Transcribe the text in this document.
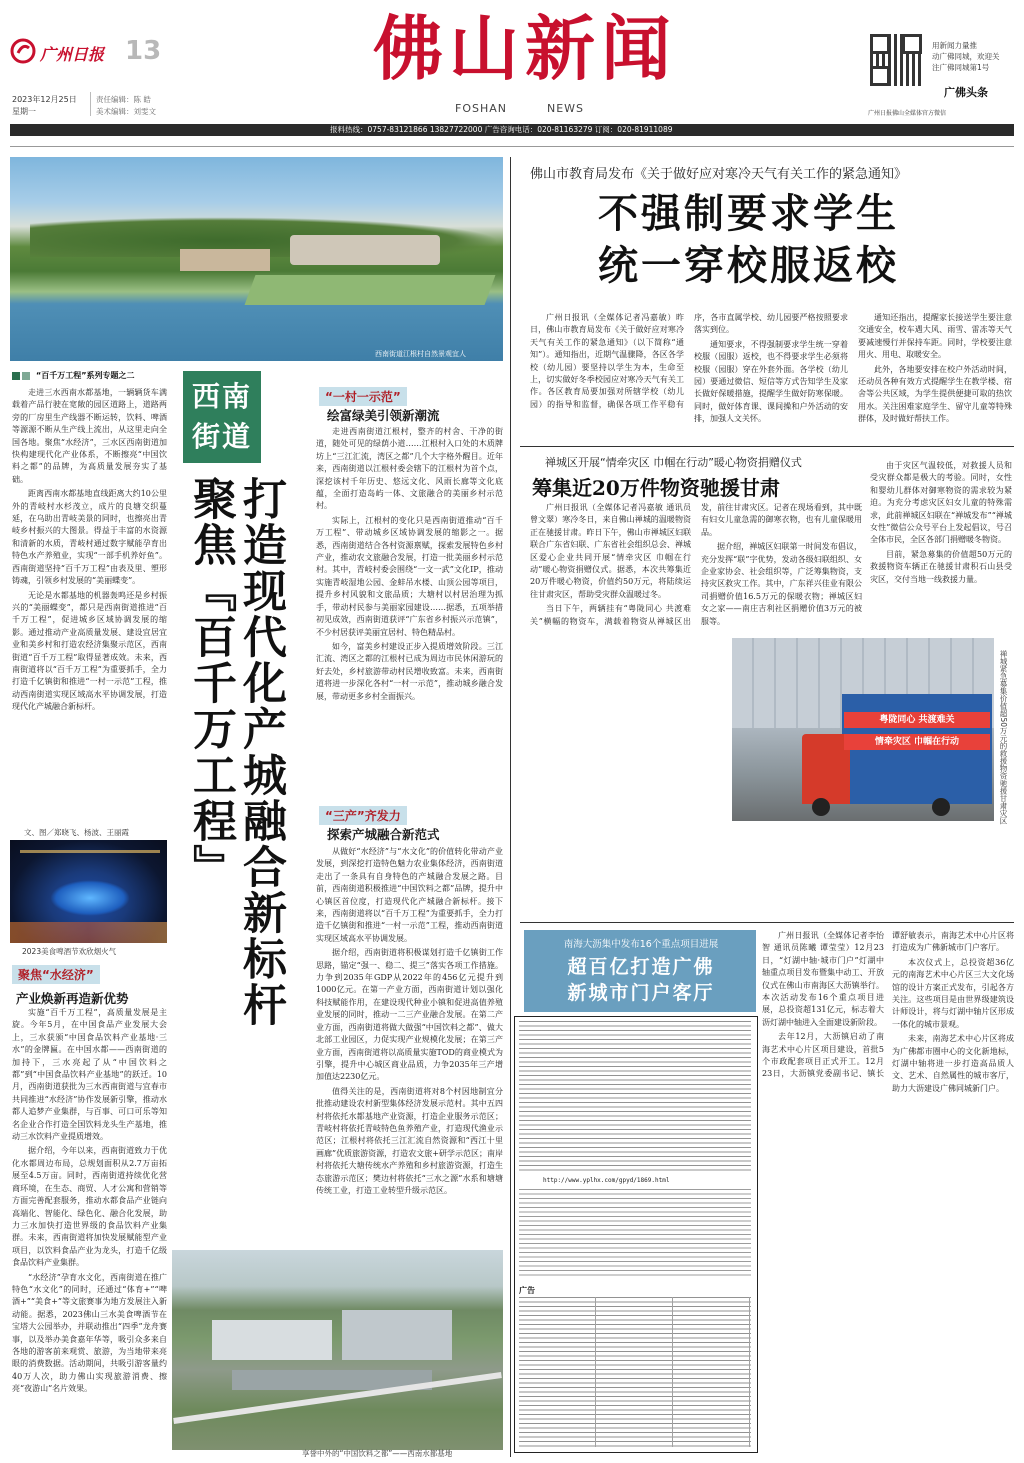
广州日报 13
2023年12月25日
星期一
责任编辑：陈 皓
美术编辑：刘雯文
佛山新闻
FOSHAN	NEWS
用新闻力量推
动广佛同城，欢迎关
注广佛同城第1号
广佛头条
广州日报佛山全媒体官方微信
报料热线：0757-83121866 13827722000 广告咨询电话：020-81163279 订阅：020-81911089
西南街道江根村自然景观宜人
“百千万工程”系列专题之二

走进三水西南水都基地，一辆辆货车满载着产品行驶在宽敞的园区道路上，道路两旁的厂房里生产线器不断运转，饮料、啤酒等源源不断从生产线上流出，从这里走向全国各地。聚焦“水经济”，三水区西南街道加快构建现代化产业体系，不断擦亮“中国饮料之都”的品牌，为高质量发展夯实了基础。

距离西南水都基地直线距离大约10公里外的青岐村水杉茂立，成片的良塘交织蔓延，在乌助出青岐美景的同时，也擦亮出青岐乡村振兴的大图景。得益于丰富的水资源和清新的水质，青岐村通过数字赋能孕育出特色水产养殖业，实现“一部手机养好鱼”。西南街道坚持“百千万工程”由表及里、塑形铸魂，引领乡村发展的“美丽蝶变”。

无论是水都基地的机器轰鸣还是乡村振兴的“美丽蝶变”，都只是西南街道推进“百千万工程”，促进城乡区域协调发展的缩影。通过推动产业高质量发展、建设宜居宜业和美乡村和打造农经济集聚示范区，西南街道“百千万工程”取得显著成效。未来，西南街道将以“百千万工程”为重要抓手，全力打造千亿镇街和推进“一村一示范”工程，推动西南街道实现区域高水平协调发展，打造现代化产城融合新标杆。

文、图／郑晓飞、杨波、王丽霞
2023美食啤酒节欢欣烟火气
聚焦“水经济”
产业焕新再造新优势

实施“百千万工程”，高质量发展是主旋。今年5月，在中国食品产业发展大会上，三水获颁“中国食品饮料产业基地·三水”的金牌匾。在中国水都——西南街道的加持下，三水亮起了从“中国饮料之都”到“中国食品饮料产业基地”的跃迁。10月，西南街道获批为三水西南街道与宜春市共同推进“水经济”协作发展新引擎，推动水都人追梦产业集群，与百事、可口可乐等知名企业合作打造全国饮料龙头生产基地，推动三水饮料产业提质增效。

据介绍，今年以来，西南街道致力于优化水都周边布局，总规划面积从2.7万亩拓展至4.5万亩。同时，西南街道持续优化营商环境，在生态、商贸、人才公寓和营销等方面完善配套服务，推动水都食品产业链向高端化、智能化、绿色化、融合化发展，助力三水加快打造世界级的食品饮料产业集群。未来，西南街道将加快发展赋能型产业项目，以饮料食品产业为龙头，打造千亿级食品饮料产业集群。

“水经济”孕育水文化，西南街道在推广特色“水文化”的同时，还通过“体育+”“啤酒+”“美食+”等文旅赛事为地方发展注入新动能。据悉，2023佛山三水美食啤酒节在宝塔大公园举办，并联动推出“四季”龙舟赛事，以及举办美食嘉年华等，吸引众多来自各地的游客前来观赏、旅游，为当地带来亮眼的消费数据。活动期间，共吸引游客量约40万人次，助力佛山实现旅游消费、擦亮“夜游山”名片效果。

西南街道
打造现代化产城融合新标杆
聚焦『百千万工程』
“一村一示范”
绘富绿美引领新潮流

走进西南街道江根村，整齐的村舍、干净的街道，随处可见的绿荫小道……江根村入口处的木质牌坊上“三江汇流，湾区之都”几个大字格外醒目。近年来，西南街道以江根村委会辖下的江根村为首个点，深挖该村千年历史、悠远文化、风雨长廊等文化底蕴，全面打造岛屿一体、文旅融合的美丽乡村示范村。

实际上，江根村的变化只是西南街道推动“百千万工程”、带动城乡区域协调发展的缩影之一。据悉，西南街道结合各村资源禀赋，探索发展特色乡村产业，推动农文旅融合发展，打造一批美丽乡村示范村。其中，青岐村委会围绕“一文一武”文化IP，推动实施青岐湿地公园、金蚌吊水楼、山顶公园等项目，提升乡村风貌和文旅品质；大塘村以村居治理为抓手，带动村民参与美丽家园建设……据悉，五项举措初见成效，西南街道获评“广东省乡村振兴示范镇”，不少村居获评美丽宜居村、特色精品村。

如今，富美乡村建设正步入提质增效阶段。三江汇流、湾区之都的江根村已成为周边市民休闲游玩的好去处，乡村旅游带动村民增收致富。未来，西南街道将进一步深化各村“一村一示范”，推动城乡融合发展，带动更多乡村全面振兴。

“三产”齐发力
探索产城融合新范式

从做好“水经济”与“水文化”的价值转化带动产业发展，到深挖打造特色魅力农业集体经济，西南街道走出了一条具有自身特色的产城融合发展之路。目前，西南街道积极推进“中国饮料之都”品牌，提升中心镇区首位度，打造现代化产城融合新标杆。接下来，西南街道将以“百千万工程”为重要抓手，全力打造千亿镇街和推进“一村一示范”工程，推动西南街道实现区域高水平协调发展。

据介绍，西南街道将积极谋划打造千亿镇街工作思路，锚定“强一、稳二、提三”落实各项工作措施。力争到2035年GDP从2022年的456亿元提升到1000亿元。在第一产业方面，西南街道计划以强化科技赋能作用，在建设现代种业小镇和促进高值养殖业发展的同时，推动一二三产业融合发展。在第二产业方面，西南街道将做大做强“中国饮料之都”、做大北部工业园区，力促实现产业规模化发展；在第三产业方面，西南街道将以高质量实施TOD的商业模式为引擎，提升中心城区商业品质，力争2035年三产增加值达2230亿元。

值得关注的是，西南街道将对8个村因地制宜分批推动建设农村新型集体经济发展示范村。其中五四村将依托水都基地产业资源，打造企业服务示范区；青岐村将依托青岐特色鱼养殖产业，打造现代渔业示范区；江根村将依托三江汇流自然资源和“西江十里画廊”优质旅游资源，打造农文旅+研学示范区；南岸村将依托大塘传统水产养殖和乡村旅游资源，打造生态旅游示范区；樊边村将依托“三水之源”水系和塘塘传统工业，打造工业转型升级示范区。

享誉中外的“中国饮料之都”——西南水都基地
佛山市教育局发布《关于做好应对寒冷天气有关工作的紧急通知》
不强制要求学生
统一穿校服返校

广州日报讯（全媒体记者冯嘉敏）昨日，佛山市教育局发布《关于做好应对寒冷天气有关工作的紧急通知》（以下简称“通知”）。通知指出，近期气温骤降，各区各学校（幼儿园）要坚持以学生为本，生命至上，切实做好冬季校园应对寒冷天气有关工作。各区教育局要加强对所辖学校（幼儿园）的指导和监督，确保各项工作平稳有序，各市直属学校、幼儿园要严格按照要求落实到位。

通知要求，不得强制要求学生统一穿着校服（园服）返校，也不得要求学生必须将校服（园服）穿在外套外面。各学校（幼儿园）要通过微信、短信等方式告知学生及家长做好保暖措施，提醒学生做好防寒保暖。同时，做好体育课、课间操和户外活动的安排，加强人文关怀。

通知还指出，提醒家长接送学生要注意交通安全，校车遇大风、雨雪、雷冻等天气要减速慢行并保持车距。同时，学校要注意用火、用电、取暖安全。

此外，各地要安排在校户外活动时间，还动员各种有效方式提醒学生在教学楼、宿舍等公共区域，为学生提供便捷可取的热饮用水。关注困难家庭学生、留守儿童等特殊群体，及时做好帮扶工作。

禅城区开展“情牵灾区 巾帼在行动”暖心物资捐赠仪式
筹集近20万件物资驰援甘肃

广州日报讯（全媒体记者冯嘉敏 通讯员曾文翠）寒冷冬日，来自佛山禅城的温暖物资正在驰援甘肃。昨日下午，佛山市禅城区妇联联合广东省妇联、广东省社会组织总会、禅城区爱心企业共同开展“情牵灾区 巾帼在行动”暖心物资捐赠仪式。据悉，本次共筹集近20万件暖心物资，价值约50万元，将陆续运往甘肃灾区，帮助受灾群众温暖过冬。

当日下午，两辆挂有“粤陇同心 共渡难关”横幅的物资车，满载着物资从禅城区出发，前往甘肃灾区。记者在现场看到，其中既有妇女儿童急需的御寒衣物，也有儿童保暖用品。

据介绍，禅城区妇联第一时间发布倡议，充分发挥“联”字优势，发动各级妇联组织、女企业家协会、社会组织等，广泛筹集物资，支持灾区救灾工作。其中，广东祥兴佳业有限公司捐赠价值16.5万元的保暖衣物；禅城区妇女之家——南庄吉利社区捐赠价值3万元的被服等。

由于灾区气温较低，对救援人员和受灾群众都是极大的考验。同时，女性和婴幼儿群体对御寒物资的需求较为紧迫。为充分考虑灾区妇女儿童的特殊需求，此前禅城区妇联在“禅城发布”“禅城女性”微信公众号平台上发起倡议，号召全体市民，全区各部门捐赠暖冬物资。

目前，紧急募集的价值超50万元的救援物资车辆正在驰援甘肃积石山县受灾区，交付当地一线救援力量。

粤陇同心 共渡难关
情牵灾区 巾帼在行动	禅城紧急募集价值超50万元的救援物资驰援甘肃灾区
南海大沥集中发布16个重点项目进展
超百亿打造广佛
新城市门户客厅
http://www.yplhx.com/gpyd/1869.html
广告

广州日报讯（全媒体记者李怡智 通讯员陈曦 谭莹莹）12月23日，“灯湖中轴·城市门户”灯湖中轴重点项目发布暨集中动工、开放仪式在佛山市南海区大沥镇举行。本次活动发布16个重点项目进展，总投资超131亿元，标志着大沥灯湖中轴进入全面建设新阶段。

去年12月，大沥镇启动了南海艺术中心片区项目建设，首批5个市政配套项目正式开工。12月23日，大沥镇党委副书记、镇长谭舒敏表示，南海艺术中心片区将打造成为广佛新城市门户客厅。

本次仪式上，总投资超36亿元的南海艺术中心片区三大文化场馆的设计方案正式发布，引起各方关注。这些项目是由世界级建筑设计师设计，将与灯湖中轴片区形成一体化的城市景观。

未来，南海艺术中心片区将成为广佛都市圈中心的文化新地标，灯湖中轴将进一步打造高品质人文、艺术、自然属性的城市客厅，助力大沥建设广佛同城新门户。
